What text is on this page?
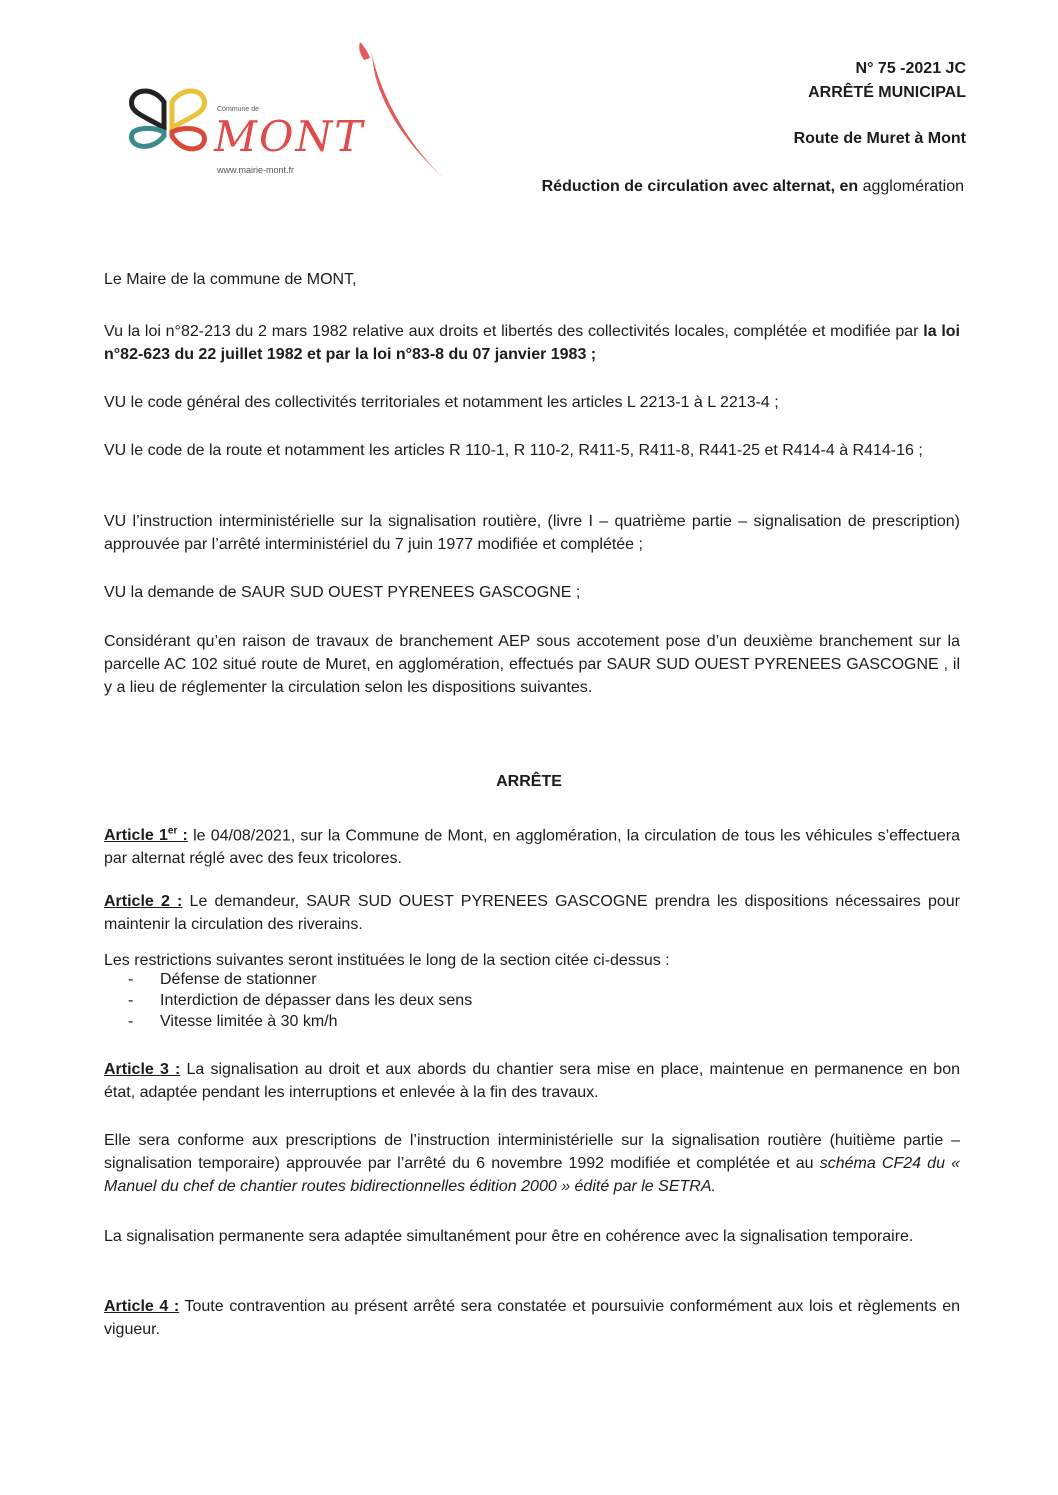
Commune de
MONT
www.mairie-mont.fr
N° 75 -2021 JC
ARRÊTÉ MUNICIPAL
Route de Muret à Mont
Réduction de circulation avec alternat, en agglomération
Le Maire de la commune de MONT,
Vu la loi n°82-213 du 2 mars 1982 relative aux droits et libertés des collectivités locales, complétée et modifiée par la loi n°82-623 du 22 juillet 1982 et par la loi n°83-8 du 07 janvier 1983 ;
VU le code général des collectivités territoriales et notamment les articles L 2213-1 à L 2213-4 ;
VU le code de la route et notamment les articles R 110-1, R 110-2, R411-5, R411-8, R441-25 et R414-4 à R414-16 ;
VU l’instruction interministérielle sur la signalisation routière, (livre I – quatrième partie – signalisation de prescription) approuvée par l’arrêté interministériel du 7 juin 1977 modifiée et complétée ;
VU la demande de SAUR SUD OUEST PYRENEES GASCOGNE ;
Considérant qu’en raison de travaux de branchement AEP sous accotement pose d’un deuxième branchement sur la parcelle AC 102 situé route de Muret, en agglomération, effectués par SAUR SUD OUEST PYRENEES GASCOGNE , il y a lieu de réglementer la circulation selon les dispositions suivantes.
ARRÊTE
Article 1er : le 04/08/2021, sur la Commune de Mont, en agglomération, la circulation de tous les véhicules s’effectuera par alternat réglé avec des feux tricolores.
Article 2 : Le demandeur, SAUR SUD OUEST PYRENEES GASCOGNE prendra les dispositions nécessaires pour maintenir la circulation des riverains.
Les restrictions suivantes seront instituées le long de la section citée ci-dessus :
-	Défense de stationner
-	Interdiction de dépasser dans les deux sens
-	Vitesse limitée à 30 km/h
Article 3 : La signalisation au droit et aux abords du chantier sera mise en place, maintenue en permanence en bon état, adaptée pendant les interruptions et enlevée à la fin des travaux.
Elle sera conforme aux prescriptions de l’instruction interministérielle sur la signalisation routière (huitième partie – signalisation temporaire) approuvée par l’arrêté du 6 novembre 1992 modifiée et complétée et au schéma CF24 du « Manuel du chef de chantier routes bidirectionnelles édition 2000 » édité par le SETRA.
La signalisation permanente sera adaptée simultanément pour être en cohérence avec la signalisation temporaire.
Article 4 : Toute contravention au présent arrêté sera constatée et poursuivie conformément aux lois et règlements en vigueur.
